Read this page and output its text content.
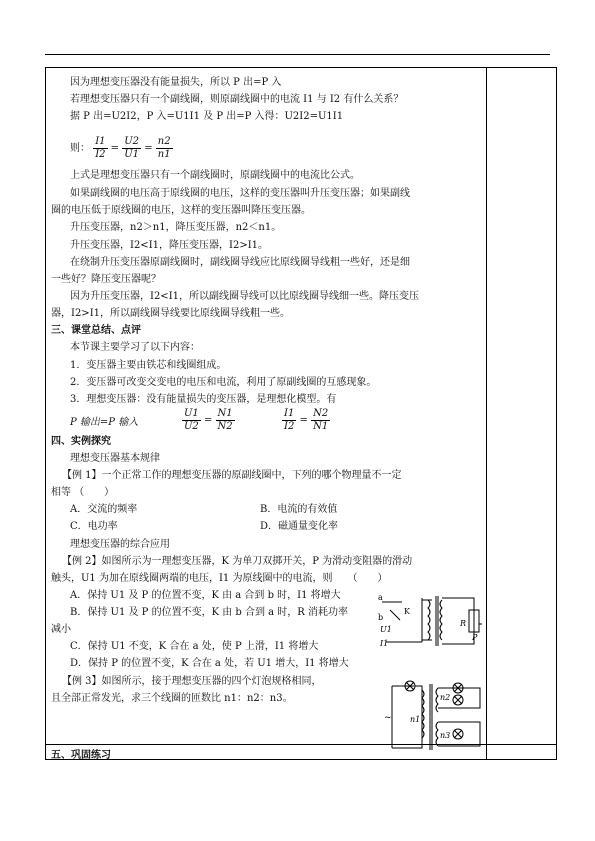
因为理想变压器没有能量损失，所以 P 出=P 入
若理想变压器只有一个副线圈，则原副线圈中的电流 I1 与 I2 有什么关系？
据 P 出=U2I2，P 入=U1I1 及 P 出=P 入得：U2I2=U1I1
则： $\frac{I1}{I2} = \frac{U2}{U1} = \frac{n2}{n1}$
上式是理想变压器只有一个副线圈时，原副线圈中的电流比公式。
如果副线圈的电压高于原线圈的电压，这样的变压器叫升压变压器；如果副线
圈的电压低于原线圈的电压，这样的变压器叫降压变压器。
升压变压器，n2＞n1，降压变压器，n2＜n1。
升压变压器，I2<I1，降压变压器，I2>I1。
在绕制升压变压器原副线圈时，副线圈导线应比原线圈导线粗一些好，还是细
一些好？降压变压器呢？
因为升压变压器，I2<I1，所以副线圈导线可以比原线圈导线细一些。降压变压
器，I2>I1，所以副线圈导线要比原线圈导线粗一些。
三、课堂总结、点评
本节课主要学习了以下内容：
1．变压器主要由铁芯和线圈组成。
2．变压器可改变交变电的电压和电流，利用了原副线圈的互感现象。
3．理想变压器：没有能量损失的变压器，是理想化模型。有
P 输出=P 输入	$\frac{U1}{U2} = \frac{N1}{N2}$	$\frac{I1}{I2} = \frac{N2}{N1}$
四、实例探究
理想变压器基本规律
【例 1】一个正常工作的理想变压器的原副线圈中，下列的哪个物理量不一定
相等 （　　）
A．交流的频率	B．电流的有效值
C．电功率	D．磁通量变化率
理想变压器的综合应用
【例 2】如图所示为一理想变压器，K 为单刀双掷开关，P 为滑动变阻器的滑动
触头，U1 为加在原线圈两端的电压，I1 为原线圈中的电流，则　　（　　）
A．保持 U1 及 P 的位置不变，K 由 a 合到 b 时，I1 将增大
B．保持 U1 及 P 的位置不变，K 由 b 合到 a 时，R 消耗功率
减小
C．保持 U1 不变，K 合在 a 处，使 P 上滑，I1 将增大
D．保持 P 的位置不变，K 合在 a 处，若 U1 增大，I1 将增大
【例 3】如图所示，接于理想变压器的四个灯泡规格相同，
且全部正常发光，求三个线圈的匝数比 n1：n2：n3。
五、巩固练习
a
b
K
U1
I1
R
P
~ n1
n2
n3
